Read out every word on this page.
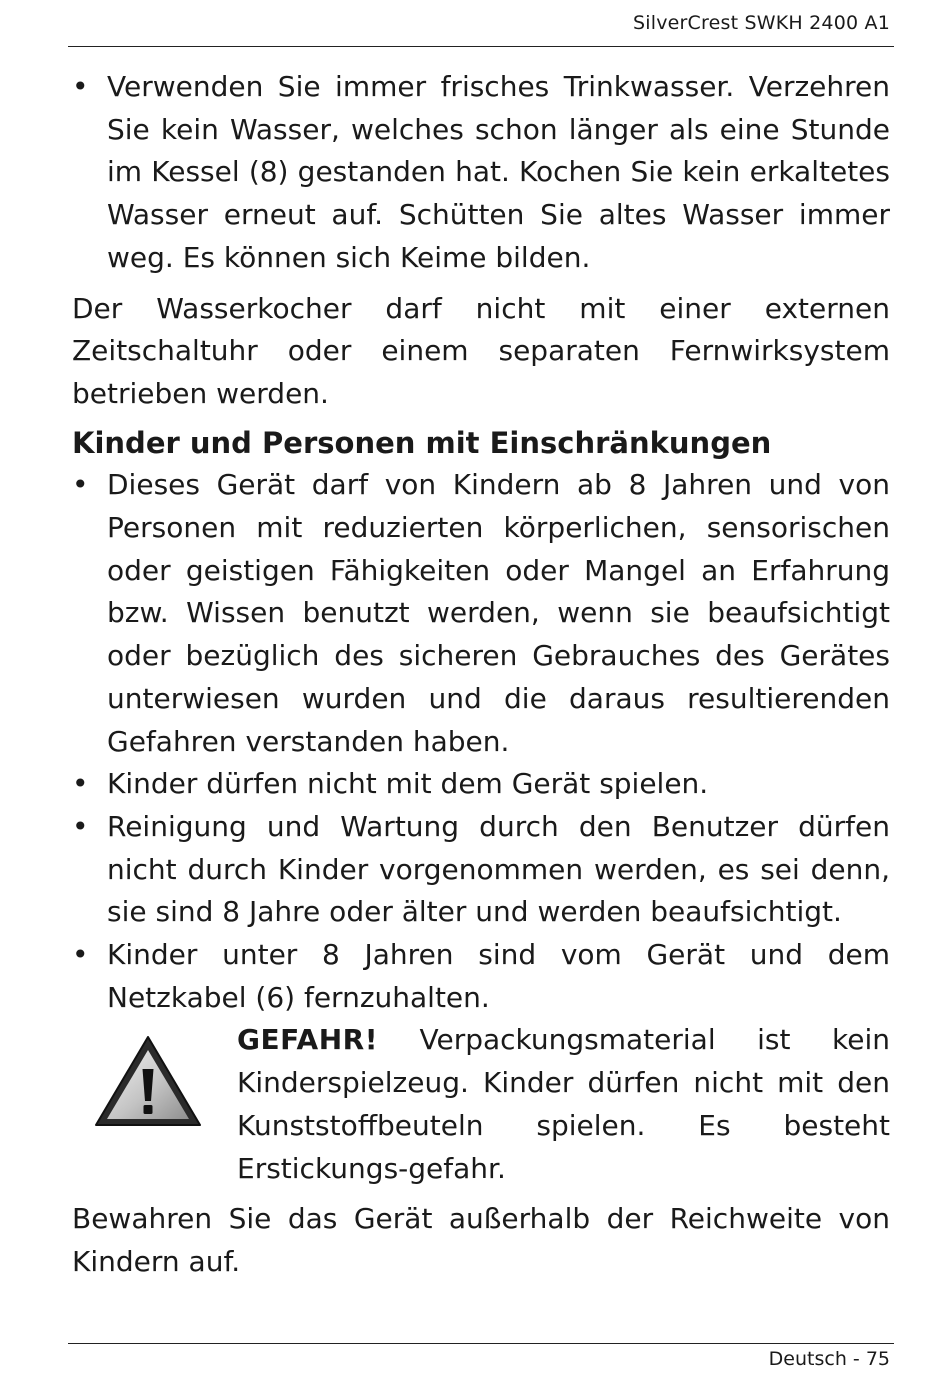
SilverCrest SWKH 2400 A1
• Verwenden Sie immer frisches Trinkwasser. Verzehren Sie kein Wasser, welches schon länger als eine Stunde im Kessel (8) gestanden hat. Kochen Sie kein erkaltetes Wasser erneut auf. Schütten Sie altes Wasser immer weg. Es können sich Keime bilden.

Der Wasserkocher darf nicht mit einer externen Zeitschaltuhr oder einem separaten Fernwirksystem betrieben werden.

Kinder und Personen mit Einschränkungen
• Dieses Gerät darf von Kindern ab 8 Jahren und von Personen mit reduzierten körperlichen, sensorischen oder geistigen Fähigkeiten oder Mangel an Erfahrung bzw. Wissen benutzt werden, wenn sie beaufsichtigt oder bezüglich des sicheren Gebrauches des Gerätes unterwiesen wurden und die daraus resultierenden Gefahren verstanden haben.
• Kinder dürfen nicht mit dem Gerät spielen.
• Reinigung und Wartung durch den Benutzer dürfen nicht durch Kinder vorgenommen werden, es sei denn, sie sind 8 Jahre oder älter und werden beaufsichtigt.
• Kinder unter 8 Jahren sind vom Gerät und dem Netzkabel (6) fernzuhalten.
GEFAHR! Verpackungsmaterial ist kein Kinderspielzeug. Kinder dürfen nicht mit den Kunststoffbeuteln spielen. Es besteht Erstickungs-gefahr.

Bewahren Sie das Gerät außerhalb der Reichweite von Kindern auf.

Deutsch - 75
